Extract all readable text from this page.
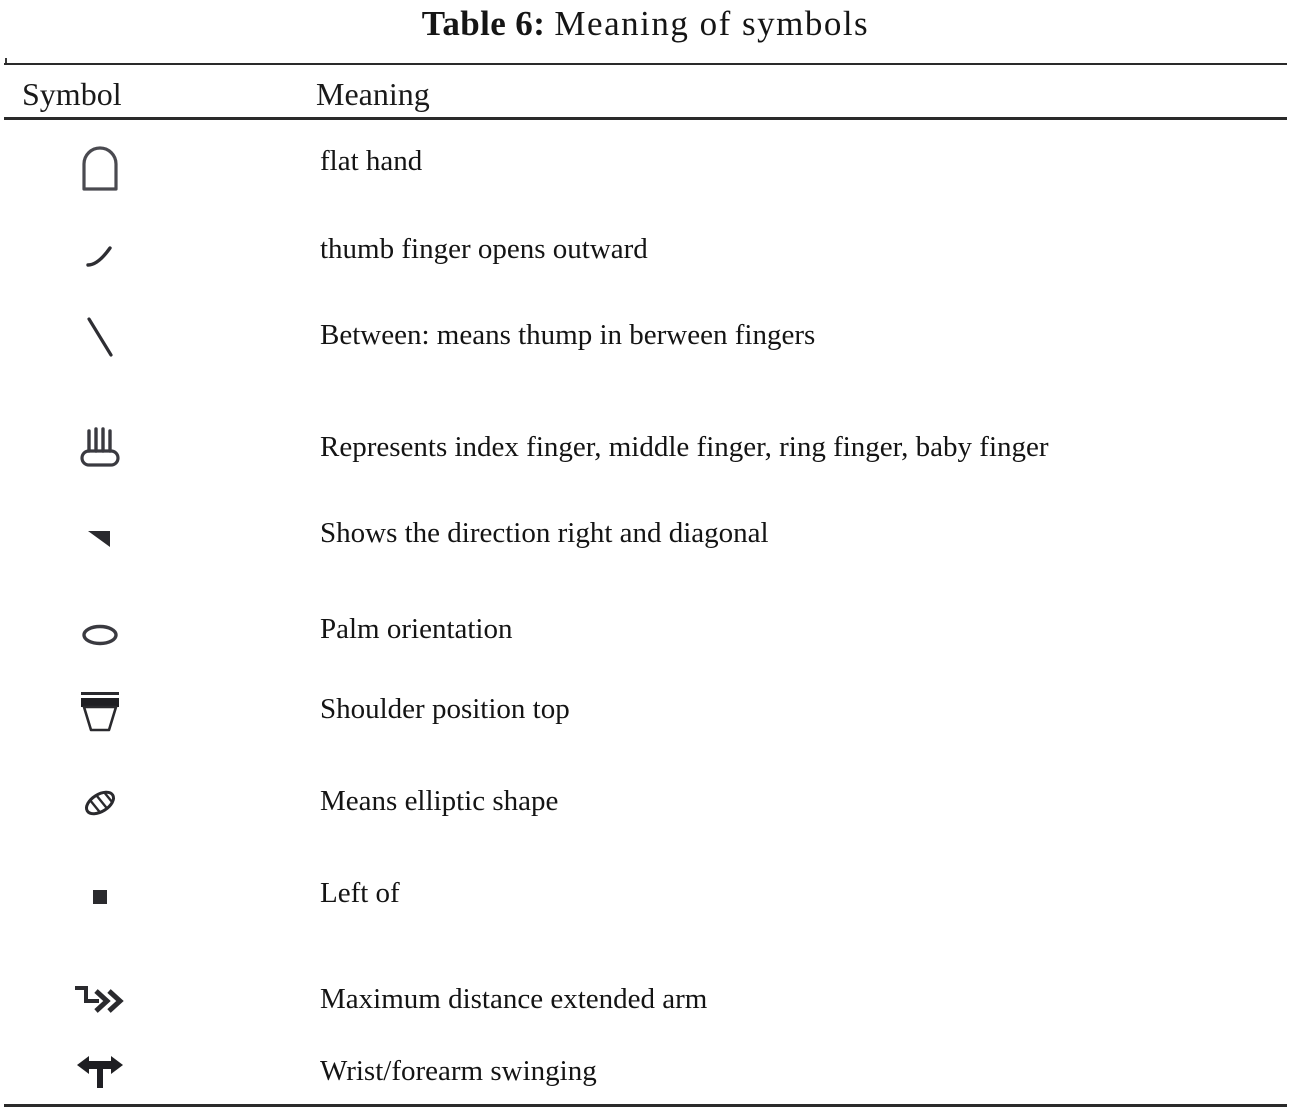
Table 6: Meaning of symbols
Symbol	Meaning
flat hand
thumb finger opens outward
Between: means thump in berween fingers
Represents index finger, middle finger, ring finger, baby finger
Shows the direction right and diagonal
Palm orientation
Shoulder position top
Means elliptic shape
Left of
Maximum distance extended arm
Wrist/forearm swinging
